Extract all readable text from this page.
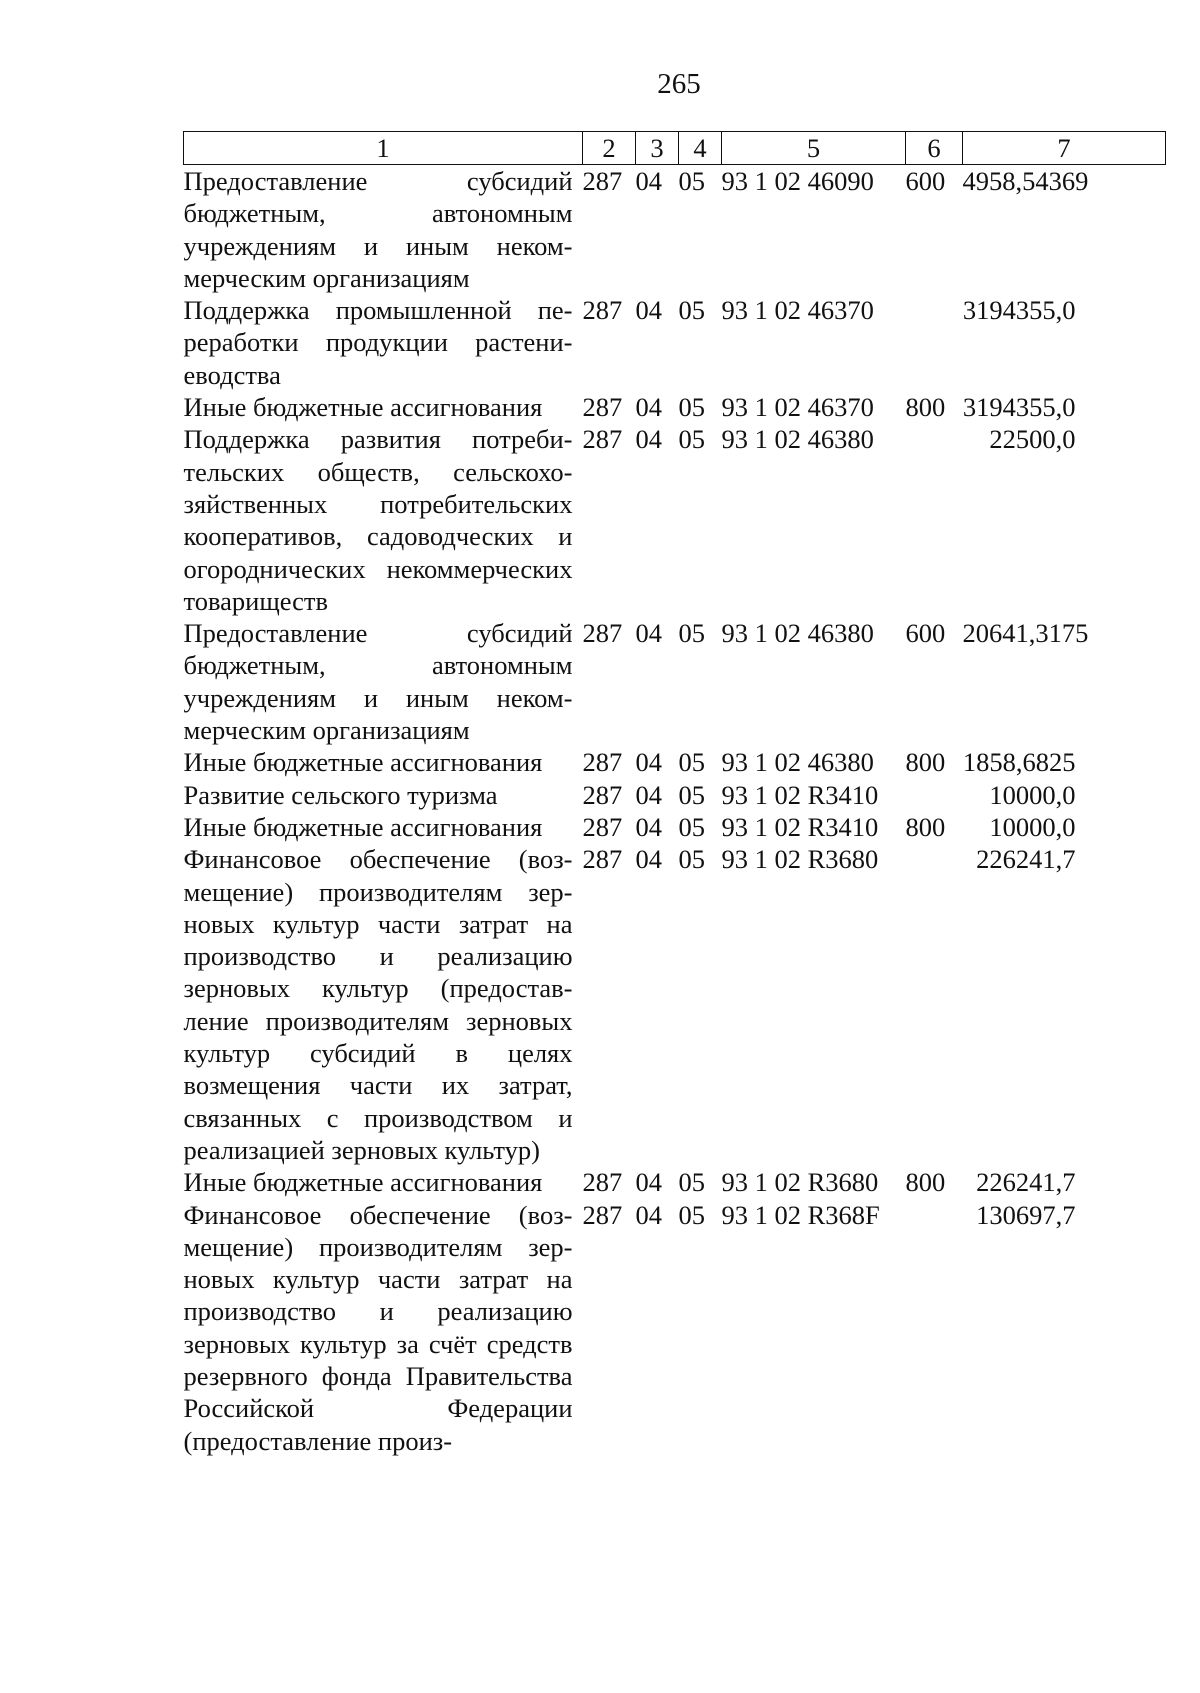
265
1	2	3	4	5	6	7
Предоставление субсидий бюджетным, автономным учреждениям и иным некоммерческим организациям	287	04	05	93 1 02 46090	600	4958,54369
Поддержка промышленной переработки продукции растениеводства	287	04	05	93 1 02 46370		3194355,0
Иные бюджетные ассигнования	287	04	05	93 1 02 46370	800	3194355,0
Поддержка развития потребительских обществ, сельскохозяйственных потребительских кооперативов, садоводческих и огороднических некоммерческих товариществ	287	04	05	93 1 02 46380		22500,0
Предоставление субсидий бюджетным, автономным учреждениям и иным некоммерческим организациям	287	04	05	93 1 02 46380	600	20641,3175
Иные бюджетные ассигнования	287	04	05	93 1 02 46380	800	1858,6825
Развитие сельского туризма	287	04	05	93 1 02 R3410		10000,0
Иные бюджетные ассигнования	287	04	05	93 1 02 R3410	800	10000,0
Финансовое обеспечение (возмещение) производителям зерновых культур части затрат на производство и реализацию зерновых культур (предоставление производителям зерновых культур субсидий в целях возмещения части их затрат, связанных с производством и реализацией зерновых культур)	287	04	05	93 1 02 R3680		226241,7
Иные бюджетные ассигнования	287	04	05	93 1 02 R3680	800	226241,7
Финансовое обеспечение (возмещение) производителям зерновых культур части затрат на производство и реализацию зерновых культур за счёт средств резервного фонда Правительства Российской Федерации (предоставление произ-	287	04	05	93 1 02 R368F		130697,7
